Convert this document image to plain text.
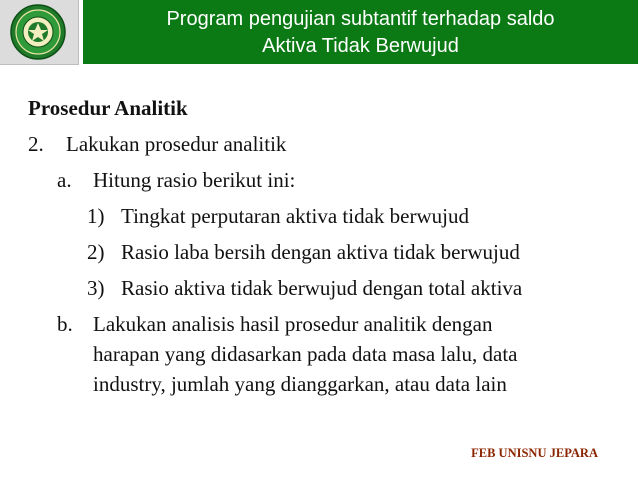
Program pengujian subtantif terhadap saldo
Aktiva Tidak Berwujud
Prosedur Analitik
2. Lakukan prosedur analitik
a. Hitung rasio berikut ini:
1) Tingkat perputaran aktiva tidak berwujud
2) Rasio laba bersih dengan aktiva tidak berwujud
3) Rasio aktiva tidak berwujud dengan total aktiva
b. Lakukan analisis hasil prosedur analitik dengan
harapan yang didasarkan pada data masa lalu, data
industry, jumlah yang dianggarkan, atau data lain
FEB UNISNU JEPARA
